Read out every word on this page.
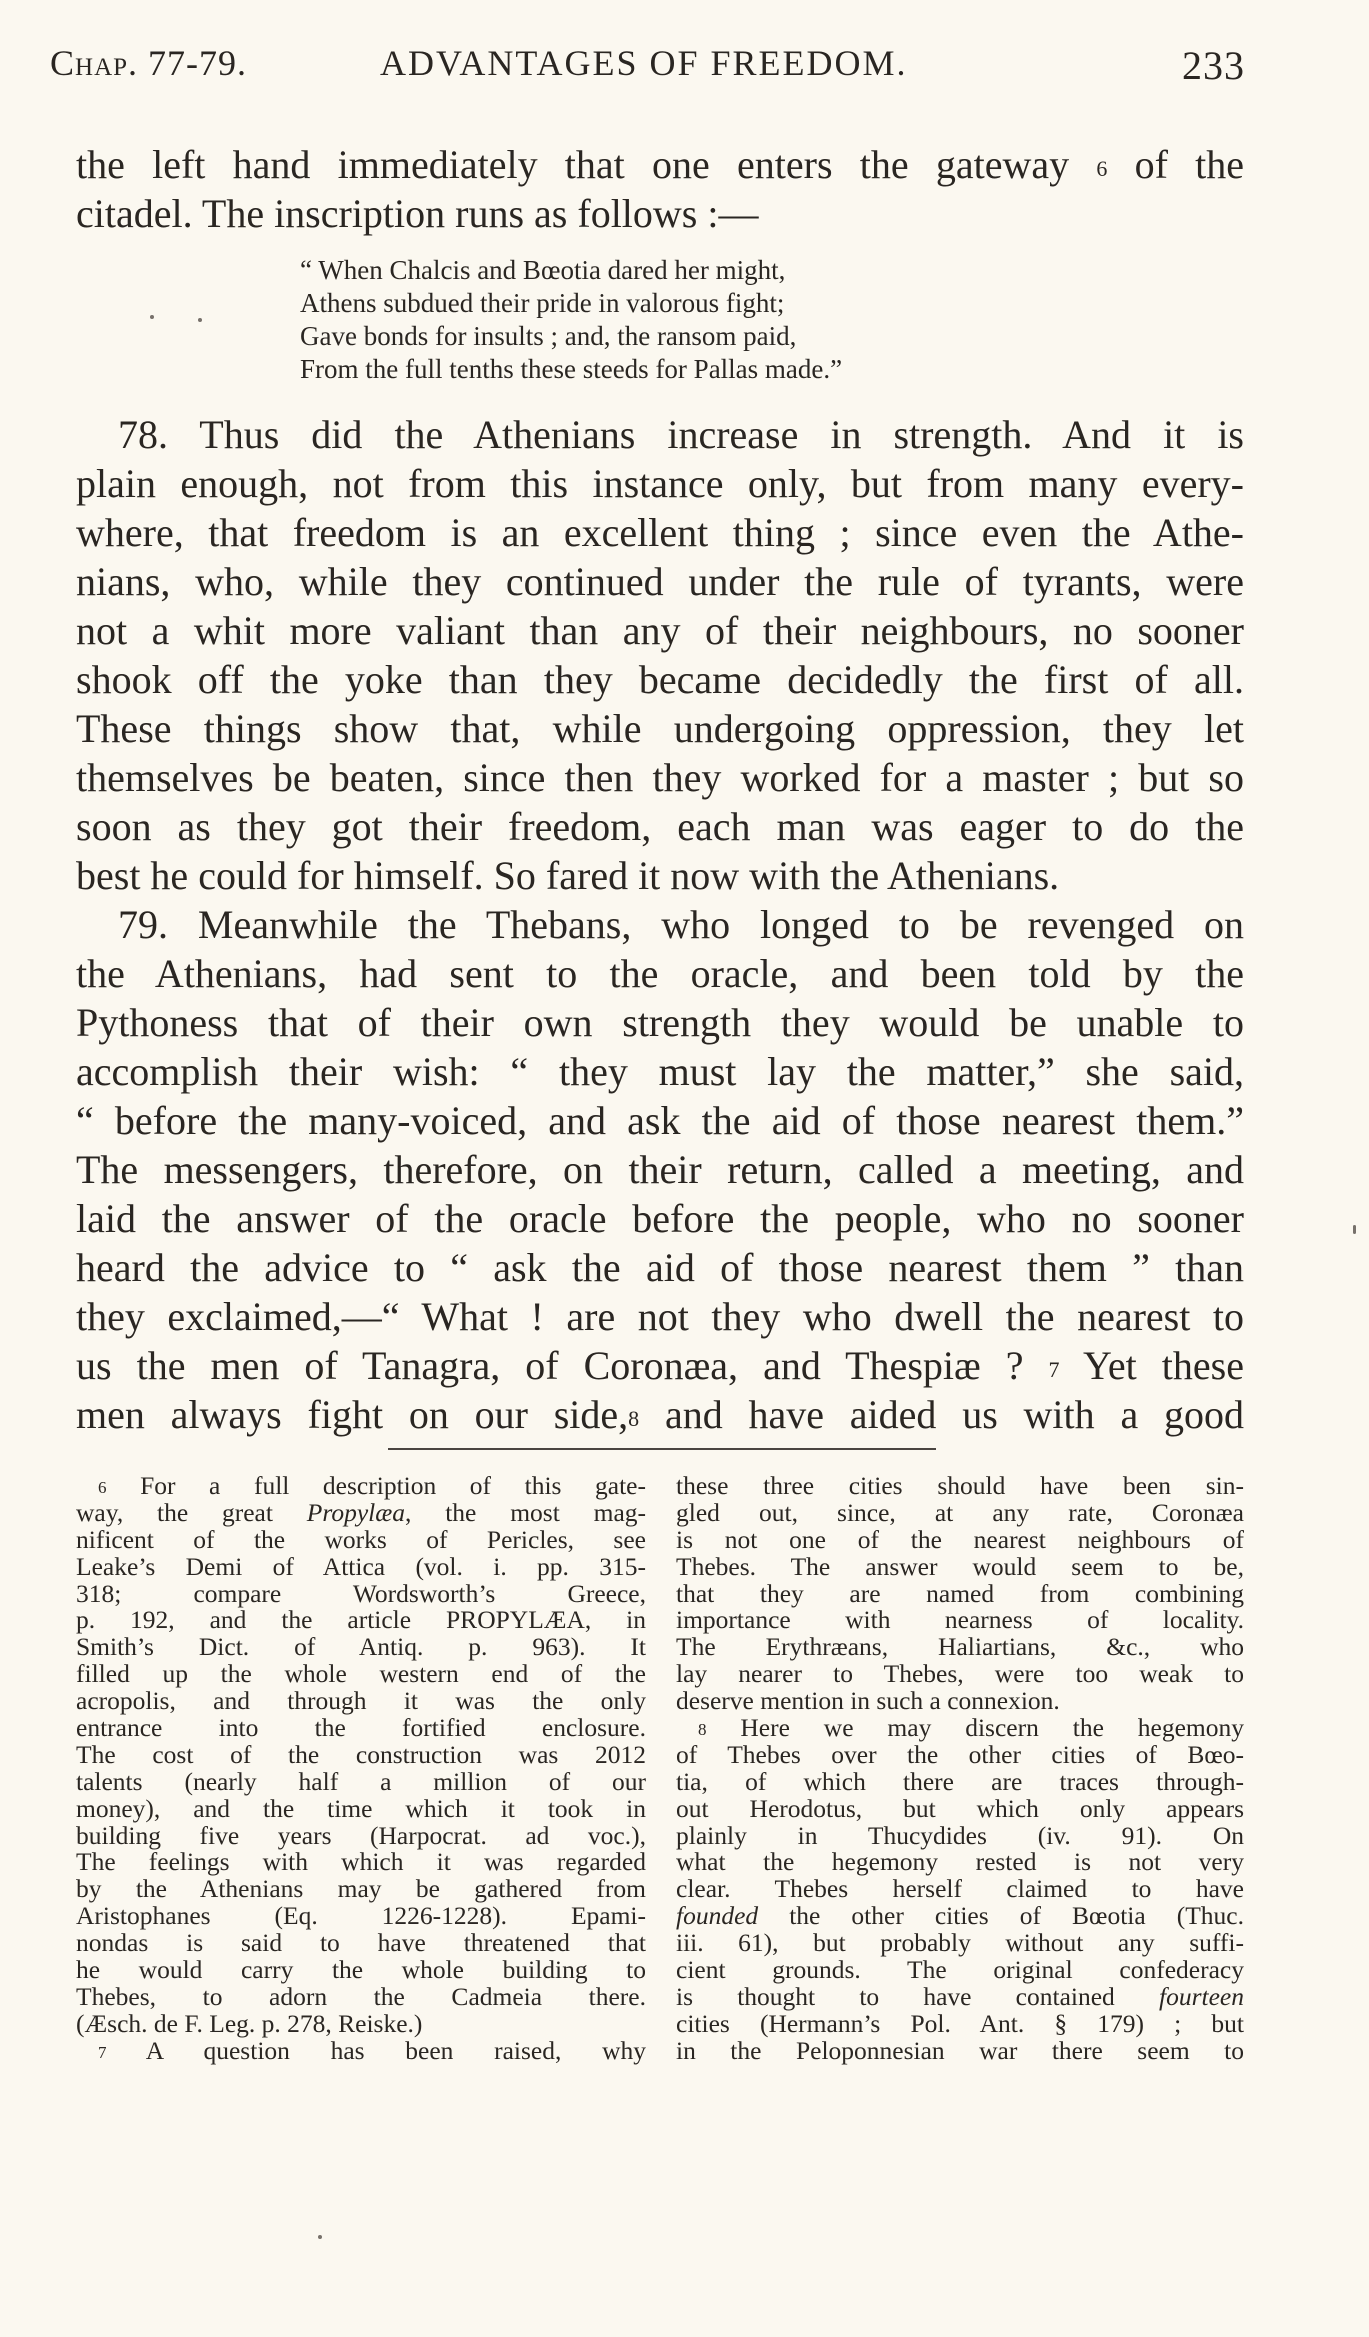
Chap. 77-79.	ADVANTAGES OF FREEDOM.	233
the left hand immediately that one enters the gateway $^6$ of the
citadel. The inscription runs as follows :—
“ When Chalcis and Bœotia dared her might,
Athens subdued their pride in valorous fight;
Gave bonds for insults ; and, the ransom paid,
From the full tenths these steeds for Pallas made.”
78. Thus did the Athenians increase in strength. And it is
plain enough, not from this instance only, but from many every-
where, that freedom is an excellent thing ; since even the Athe-
nians, who, while they continued under the rule of tyrants, were
not a whit more valiant than any of their neighbours, no sooner
shook off the yoke than they became decidedly the first of all.
These things show that, while undergoing oppression, they let
themselves be beaten, since then they worked for a master ; but so
soon as they got their freedom, each man was eager to do the
best he could for himself. So fared it now with the Athenians.
79. Meanwhile the Thebans, who longed to be revenged on
the Athenians, had sent to the oracle, and been told by the
Pythoness that of their own strength they would be unable to
accomplish their wish: “ they must lay the matter,” she said,
“ before the many-voiced, and ask the aid of those nearest them.”
The messengers, therefore, on their return, called a meeting, and
laid the answer of the oracle before the people, who no sooner
heard the advice to “ ask the aid of those nearest them ” than
they exclaimed,—“ What ! are not they who dwell the nearest to
us the men of Tanagra, of Coronæa, and Thespiæ ? $^7$ Yet these
men always fight on our side,$^8$ and have aided us with a good
$^6$ For a full description of this gate-
way, the great Propylæa, the most mag-
nificent of the works of Pericles, see
Leake’s Demi of Attica (vol. i. pp. 315-
318; compare Wordsworth’s Greece,
p. 192, and the article PROPYLÆA, in
Smith’s Dict. of Antiq. p. 963). It
filled up the whole western end of the
acropolis, and through it was the only
entrance into the fortified enclosure.
The cost of the construction was 2012
talents (nearly half a million of our
money), and the time which it took in
building five years (Harpocrat. ad voc.),
The feelings with which it was regarded
by the Athenians may be gathered from
Aristophanes (Eq. 1226-1228). Epami-
nondas is said to have threatened that
he would carry the whole building to
Thebes, to adorn the Cadmeia there.
(Æsch. de F. Leg. p. 278, Reiske.)
$^7$ A question has been raised, why
these three cities should have been sin-
gled out, since, at any rate, Coronæa
is not one of the nearest neighbours of
Thebes. The answer would seem to be,
that they are named from combining
importance with nearness of locality.
The Erythræans, Haliartians, &c., who
lay nearer to Thebes, were too weak to
deserve mention in such a connexion.
$^8$ Here we may discern the hegemony
of Thebes over the other cities of Bœo-
tia, of which there are traces through-
out Herodotus, but which only appears
plainly in Thucydides (iv. 91). On
what the hegemony rested is not very
clear. Thebes herself claimed to have
founded the other cities of Bœotia (Thuc.
iii. 61), but probably without any suffi-
cient grounds. The original confederacy
is thought to have contained fourteen
cities (Hermann’s Pol. Ant. § 179) ; but
in the Peloponnesian war there seem to
